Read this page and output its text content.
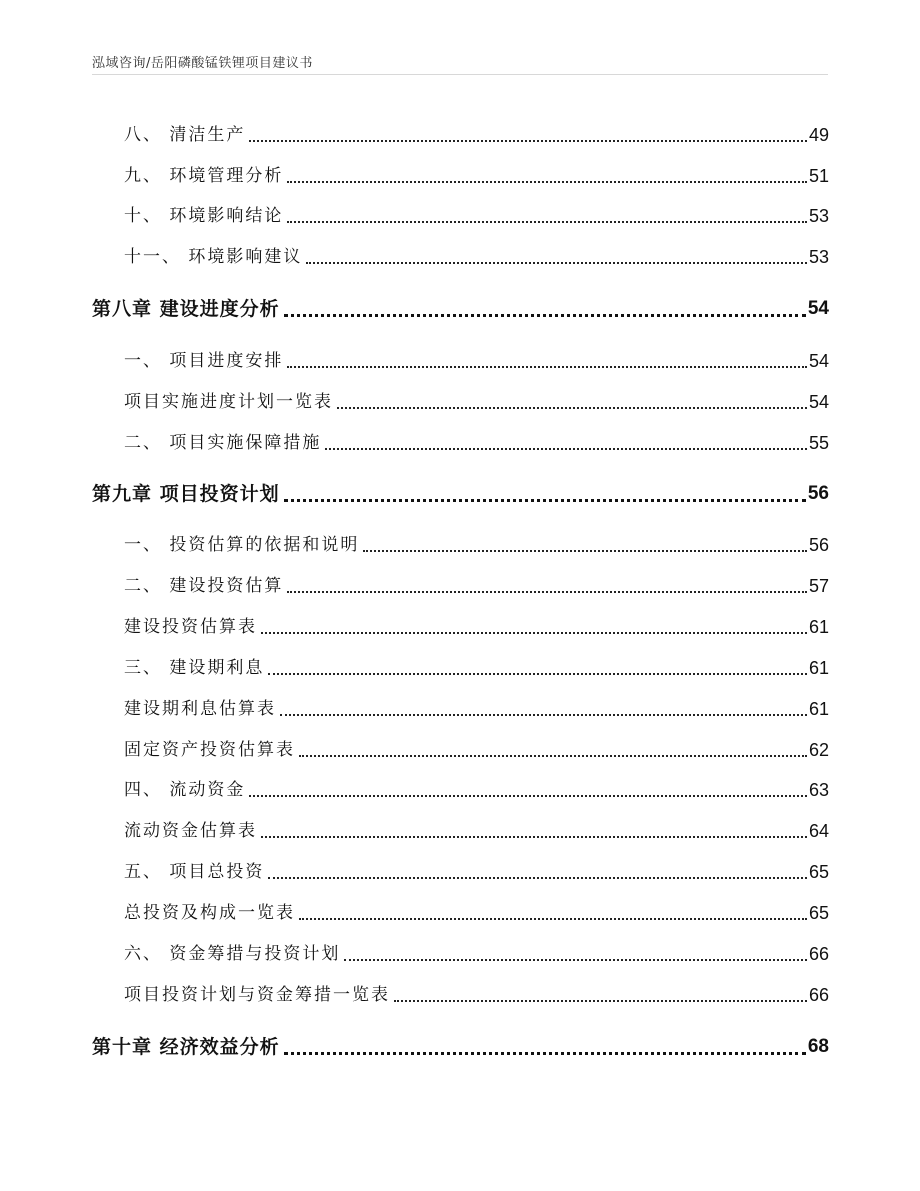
泓域咨询/岳阳磷酸锰铁锂项目建议书
八、 清洁生产	49
九、 环境管理分析	51
十、 环境影响结论	53
十一、 环境影响建议	53
第八章 建设进度分析	54
一、 项目进度安排	54
项目实施进度计划一览表	54
二、 项目实施保障措施	55
第九章 项目投资计划	56
一、 投资估算的依据和说明	56
二、 建设投资估算	57
建设投资估算表	61
三、 建设期利息	61
建设期利息估算表	61
固定资产投资估算表	62
四、 流动资金	63
流动资金估算表	64
五、 项目总投资	65
总投资及构成一览表	65
六、 资金筹措与投资计划	66
项目投资计划与资金筹措一览表	66
第十章 经济效益分析	68
